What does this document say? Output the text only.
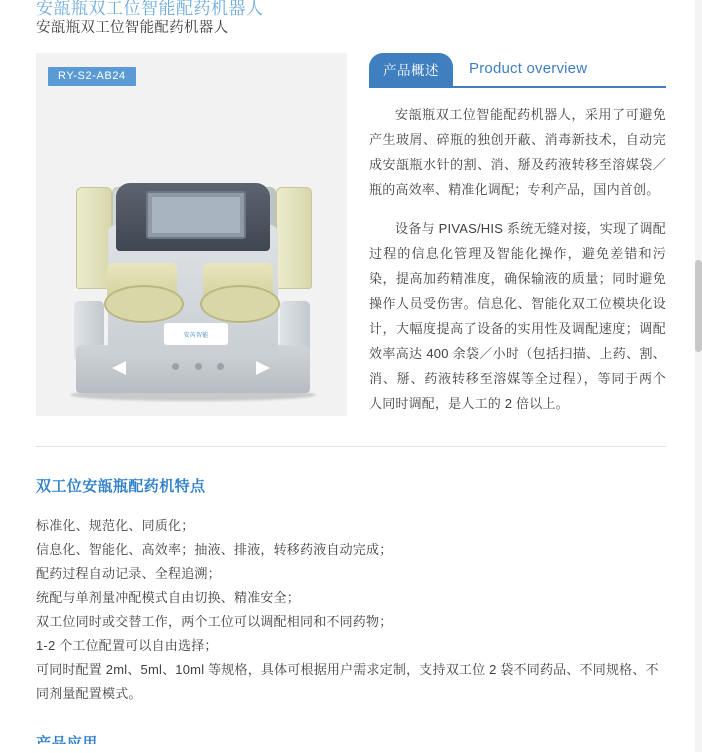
安瓿瓶双工位智能配药机器人
安瓿瓶双工位智能配药机器人
RY-S2-AB24
安芮智能
产品概述	Product overview

安瓿瓶双工位智能配药机器人，采用了可避免产生玻屑、碎瓶的独创开蔽、消毒新技术，自动完成安瓿瓶水针的割、消、掰及药液转移至溶媒袋／瓶的高效率、精准化调配；专利产品，国内首创。

设备与 PIVAS/HIS 系统无缝对接，实现了调配过程的信息化管理及智能化操作，避免差错和污染，提高加药精准度，确保输液的质量；同时避免操作人员受伤害。信息化、智能化双工位模块化设计，大幅度提高了设备的实用性及调配速度；调配效率高达 400 余袋／小时（包括扫描、上药、割、消、掰、药液转移至溶媒等全过程），等同于两个人同时调配，是人工的 2 倍以上。

双工位安瓿瓶配药机特点
标准化、规范化、同质化；
信息化、智能化、高效率；抽液、排液，转移药液自动完成；
配药过程自动记录、全程追溯；
统配与单剂量冲配模式自由切换、精准安全；
双工位同时或交替工作，两个工位可以调配相同和不同药物；
1-2 个工位配置可以自由选择；
可同时配置 2ml、5ml、10ml 等规格，具体可根据用户需求定制，支持双工位 2 袋不同药品、不同规格、不同剂量配置模式。
